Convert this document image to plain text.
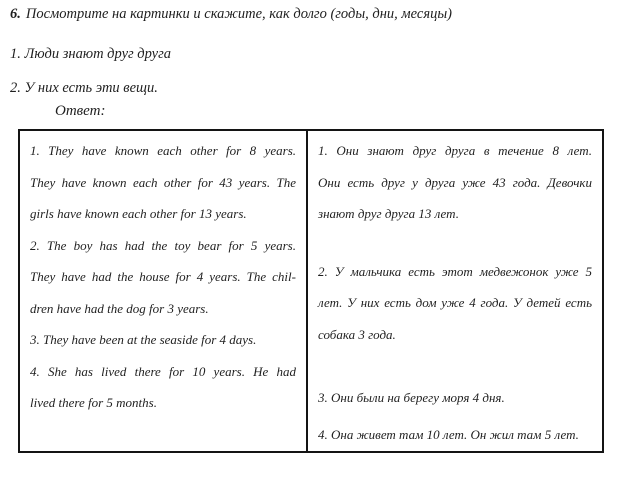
6. Посмотрите на картинки и скажите, как долго (годы, дни, месяцы)
1. Люди знают друг друга
2. У них есть эти вещи.
Ответ:
1. They have known each other for 8 years.
They have known each other for 43 years. The
girls have known each other for 13 years.
2. The boy has had the toy bear for 5 years.
They have had the house for 4 years. The chil-
dren have had the dog for 3 years.
3. They have been at the seaside for 4 days.
4. She has lived there for 10 years. He had
lived there for 5 months.
1. Они знают друг друга в течение 8 лет.
Они есть друг у друга уже 43 года. Девочки
знают друг друга 13 лет.
2. У мальчика есть этот медвежонок уже 5
лет. У них есть дом уже 4 года. У детей есть
собака 3 года.
3. Они были на берегу моря 4 дня.
4. Она живет там 10 лет. Он жил там 5 лет.
